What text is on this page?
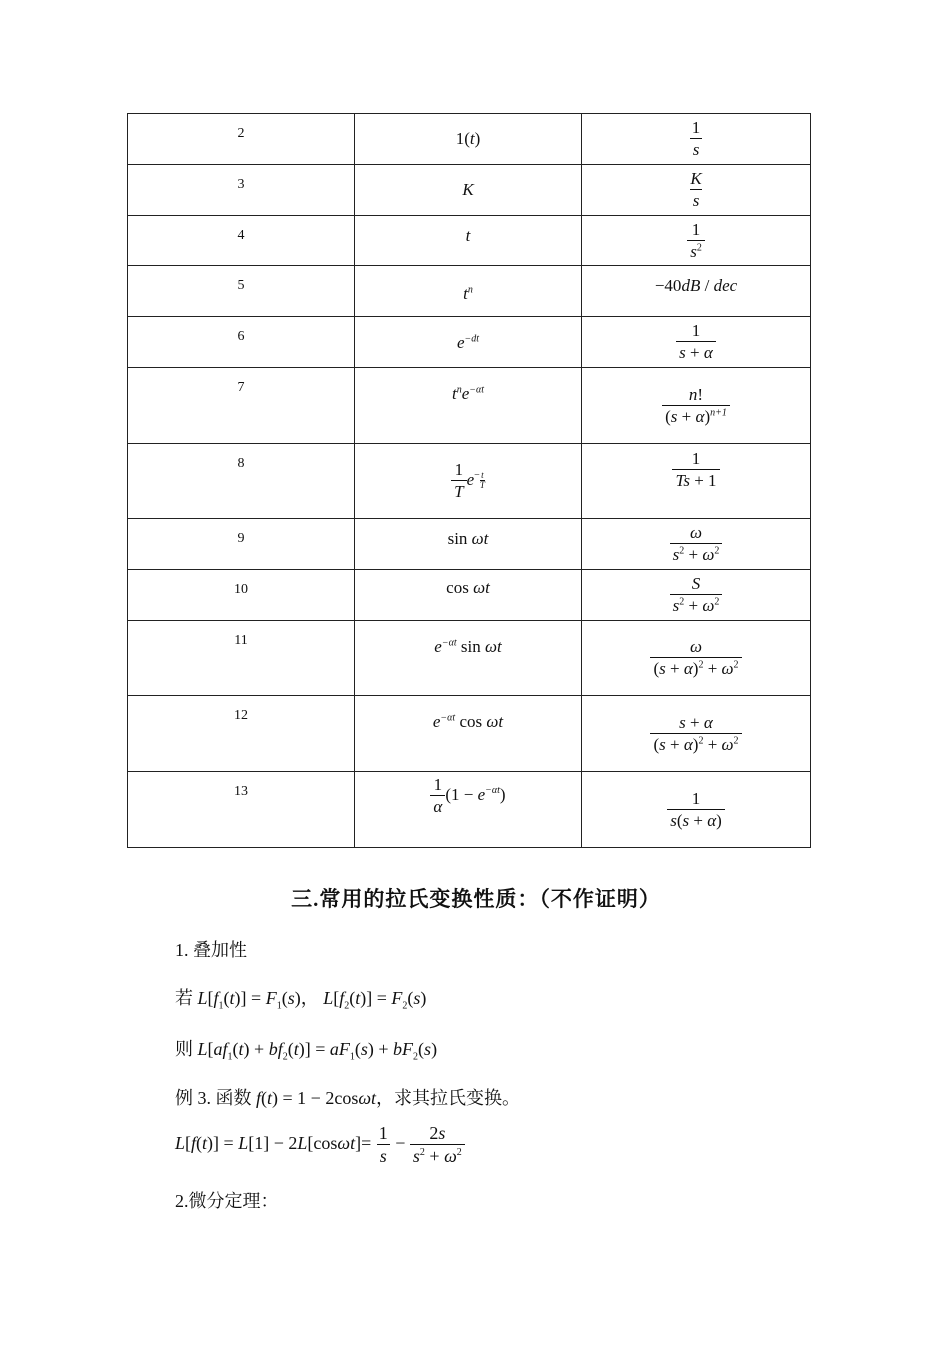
2	1(t)	$\frac{1}{s}$

3	K	$\frac{K}{s}$

4	t	$\frac{1}{s^2}$

5	$t^n$	−40dB / dec
6	$e^{-dt}$	$\frac{1}{s + \alpha}$

7	$t^ne^{-\alpha t}$	$\frac{n!}{(s + \alpha)^{n+1}}$

8	$\frac{1}{T} e^- \frac{t}{T}$	$\frac{1}{Ts + 1}$

9	sin ωt	$\frac{\omega}{s^2 + \omega^2}$

10	cos ωt	$\frac{S}{s^2 + \omega^2}$

11	$e^{-\alpha t}$ sin ωt	$\frac{\omega}{(s + \alpha)^2 + \omega^2}$

12	$e^{-\alpha t}$ cos ωt	$\frac{s + \alpha}{(s + \alpha)^2 + \omega^2}$

13	$\frac{1}{\alpha} (1 - e^{-\alpha t})$	$\frac{1}{s(s + \alpha)}$
三.常用的拉氏变换性质：（不作证明）
1. 叠加性
若 $L[f_1(t)] = F_1(s)$， $L[f_2(t)] = F_2(s)$
则 $L[af_1(t) + bf_2(t)] = aF_1(s) + bF_2(s)$
例 3. 函数 f(t) = 1 − 2cosωt，求其拉氏变换。
$L[f(t)] = L[1] - 2L[\cos\omega t]= \frac{1}{s} - \frac{2s}{s^2 + \omega^2}$
2.微分定理：
